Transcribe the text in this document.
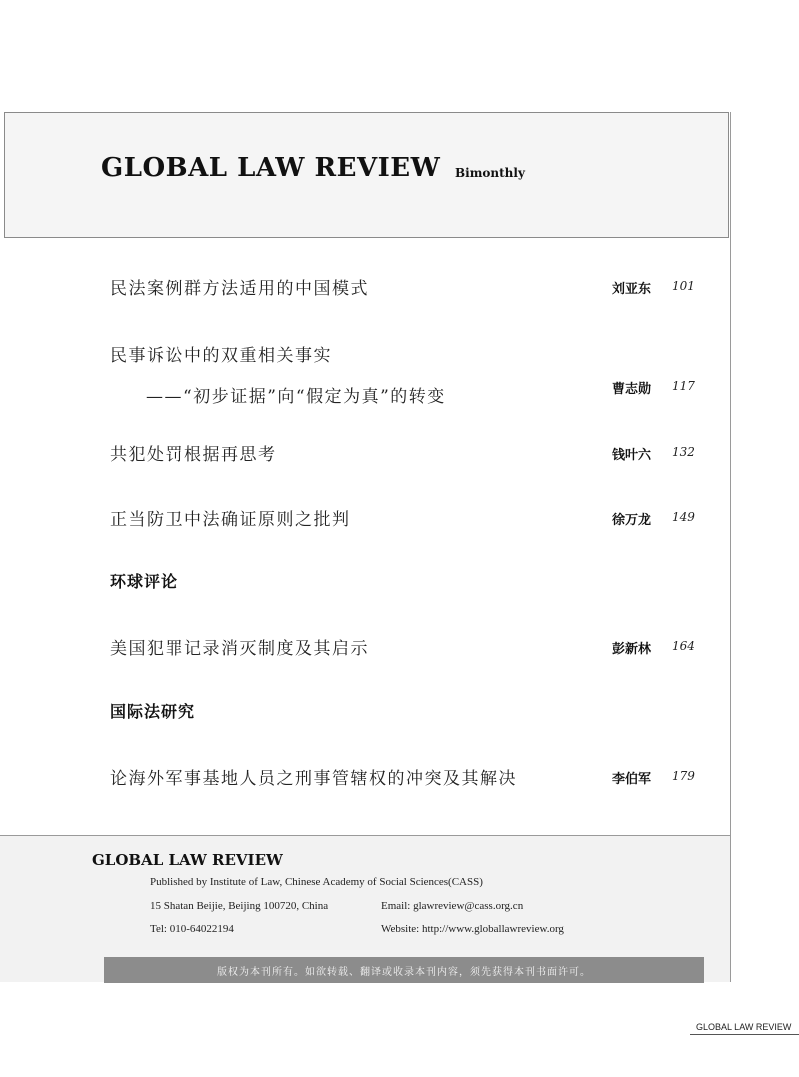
GLOBAL LAW REVIEW Bimonthly
民法案例群方法适用的中国模式	刘亚东 101
民事诉讼中的双重相关事实
——“初步证据”向“假定为真”的转变	曹志勋 117
共犯处罚根据再思考	钱叶六 132
正当防卫中法确证原则之批判	徐万龙 149
环球评论
美国犯罪记录消灭制度及其启示	彭新林 164
国际法研究
论海外军事基地人员之刑事管辖权的冲突及其解决	李伯军 179
GLOBAL LAW REVIEW
Published by Institute of Law, Chinese Academy of Social Sciences(CASS)
15 Shatan Beijie, Beijing 100720, China	Email: glawreview@cass.org.cn
Tel: 010-64022194	Website: http://www.globallawreview.org
版权为本刊所有。如欲转载、翻译或收录本刊内容，须先获得本刊书面许可。
GLOBAL LAW REVIEW
